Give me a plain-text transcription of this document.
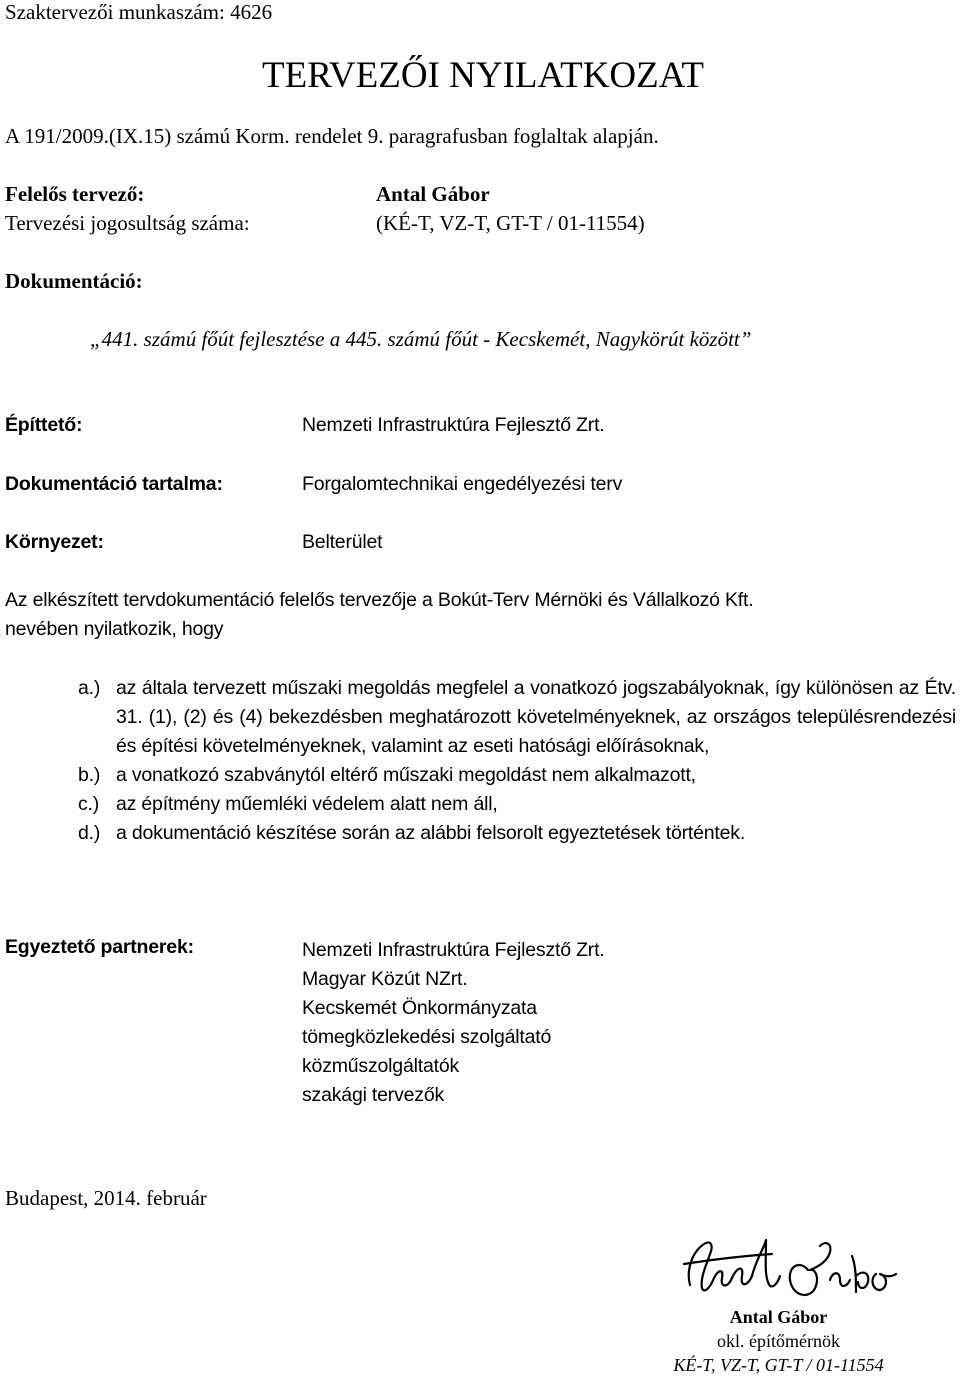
Szaktervezői munkaszám: 4626
TERVEZŐI NYILATKOZAT
A 191/2009.(IX.15) számú Korm. rendelet 9. paragrafusban foglaltak alapján.
Felelős tervező:	Antal Gábor
Tervezési jogosultság száma:	(KÉ-T, VZ-T, GT-T / 01-11554)
Dokumentáció:
„441. számú főút fejlesztése a 445. számú főút - Kecskemét, Nagykörút között”
Építtető:	Nemzeti Infrastruktúra Fejlesztő Zrt.
Dokumentáció tartalma:	Forgalomtechnikai engedélyezési terv
Környezet:	Belterület
Az elkészített tervdokumentáció felelős tervezője a Bokút-Terv Mérnöki és Vállalkozó Kft.
nevében nyilatkozik, hogy
a.) az általa tervezett műszaki megoldás megfelel a vonatkozó jogszabályoknak, így különösen az Étv. 31. (1), (2) és (4) bekezdésben meghatározott követelményeknek, az országos településrendezési és építési követelményeknek, valamint az eseti hatósági előírásoknak,
b.) a vonatkozó szabványtól eltérő műszaki megoldást nem alkalmazott,
c.) az építmény műemléki védelem alatt nem áll,
d.) a dokumentáció készítése során az alábbi felsorolt egyeztetések történtek.
Egyeztető partnerek:	Nemzeti Infrastruktúra Fejlesztő Zrt.
Magyar Közút NZrt.
Kecskemét Önkormányzata
tömegközlekedési szolgáltató
közműszolgáltatók
szakági tervezők
Budapest, 2014. február
Antal Gábor
okl. építőmérnök
KÉ-T, VZ-T, GT-T / 01-11554
